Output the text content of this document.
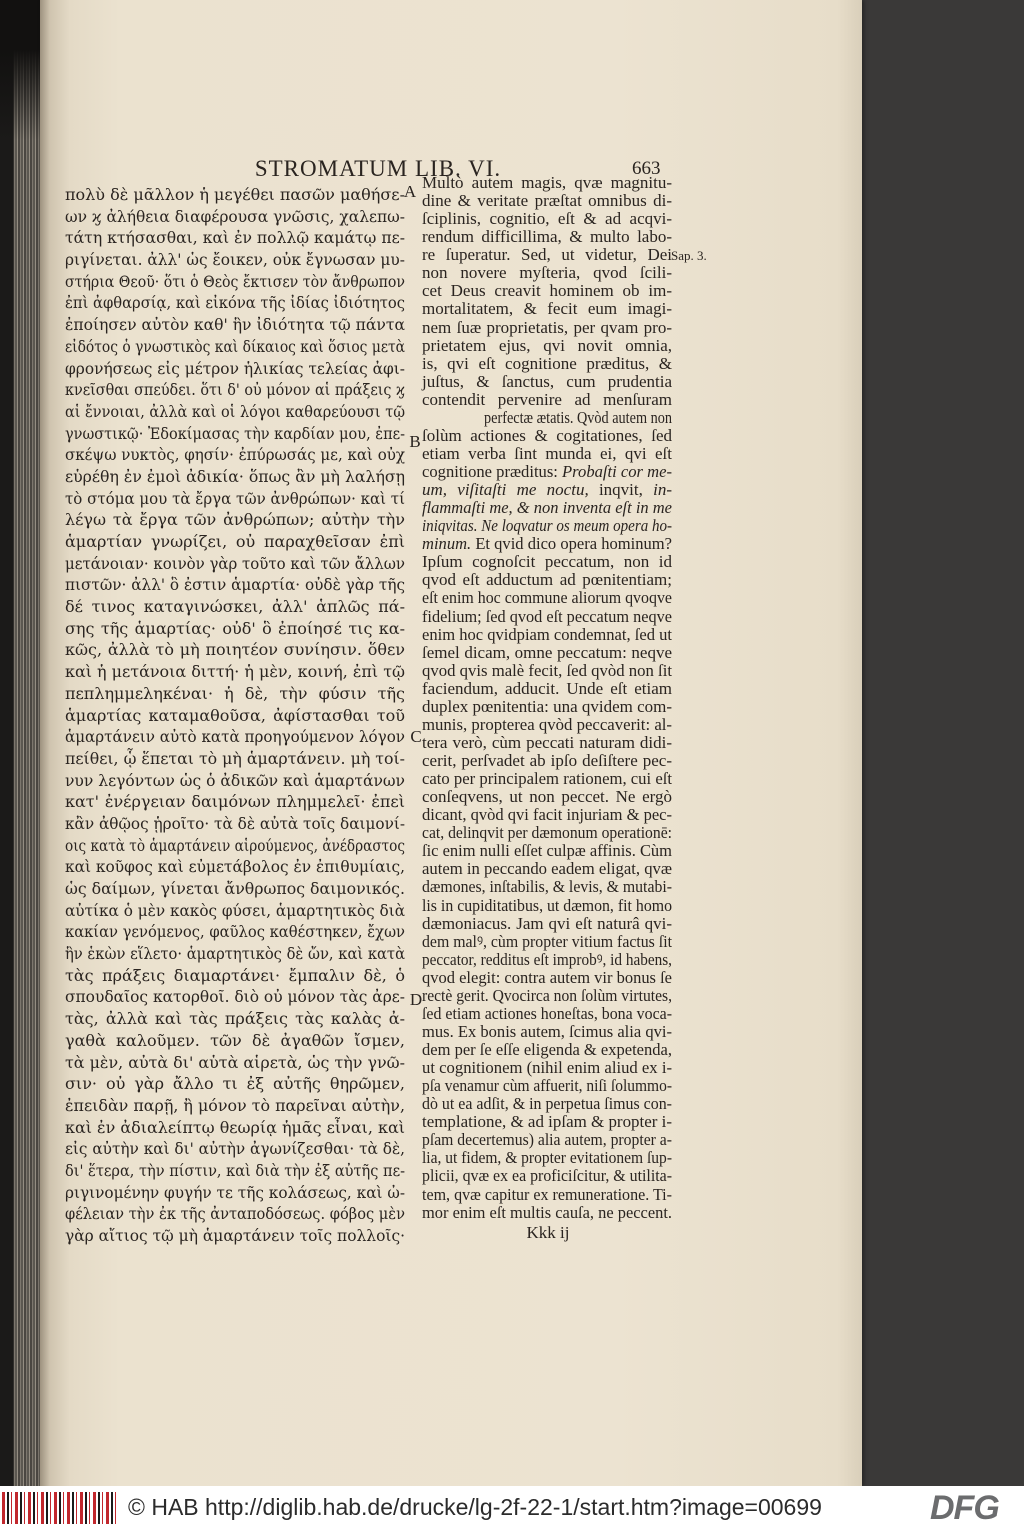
STROMATUM LIB. VI.	663
Sap. 3.
πολὺ δὲ μᾶλλον ἡ μεγέθει πασῶν μαθήσε-
ων ϗ ἀλήθεια διαφέρουσα γνῶσις, χαλεπω-
τάτη κτήσασθαι, καὶ ἐν πολλῷ καμάτῳ πε-
ριγίνεται. ἀλλ' ὡς ἔοικεν, οὐκ ἔγνωσαν μυ-
στήρια Θεοῦ· ὅτι ὁ Θεὸς ἔκτισεν τὸν ἄνθρωπον
ἐπὶ ἀφθαρσίᾳ, καὶ εἰκόνα τῆς ἰδίας ἰδιότητος
ἐποίησεν αὐτὸν καθ' ἣν ἰδιότητα τῷ πάντα
εἰδότος ὁ γνωστικὸς καὶ δίκαιος καὶ ὅσιος μετὰ
φρονήσεως εἰς μέτρον ἡλικίας τελείας ἀφι-
κνεῖσθαι σπεύδει. ὅτι δ' οὐ μόνον αἱ πράξεις ϗ
αἱ ἔννοιαι, ἀλλὰ καὶ οἱ λόγοι καθαρεύουσι τῷ
γνωστικῷ· Ἐδοκίμασας τὴν καρδίαν μου, ἐπε-
σκέψω νυκτὸς, φησίν· ἐπύρωσάς με, καὶ οὐχ
εὑρέθη ἐν ἐμοὶ ἀδικία· ὅπως ἂν μὴ λαλήσῃ
τὸ στόμα μου τὰ ἔργα τῶν ἀνθρώπων· καὶ τί
λέγω τὰ ἔργα τῶν ἀνθρώπων; αὐτὴν τὴν
ἁμαρτίαν γνωρίζει, οὐ παραχθεῖσαν ἐπὶ
μετάνοιαν· κοινὸν γὰρ τοῦτο καὶ τῶν ἄλλων
πιστῶν· ἀλλ' ὃ ἐστιν ἁμαρτία· οὐδὲ γὰρ τῆς
δέ τινος καταγινώσκει, ἀλλ' ἁπλῶς πά-
σης τῆς ἁμαρτίας· οὐδ' ὃ ἐποίησέ τις κα-
κῶς, ἀλλὰ τὸ μὴ ποιητέον συνίησιν. ὅθεν
καὶ ἡ μετάνοια διττή· ἡ μὲν, κοινή, ἐπὶ τῷ
πεπλημμεληκέναι· ἡ δὲ, τὴν φύσιν τῆς
ἁμαρτίας καταμαθοῦσα, ἀφίστασθαι τοῦ
ἁμαρτάνειν αὐτὸ κατὰ προηγούμενον λόγον
πείθει, ᾧ ἕπεται τὸ μὴ ἁμαρτάνειν. μὴ τοί-
νυν λεγόντων ὡς ὁ ἀδικῶν καὶ ἁμαρτάνων
κατ' ἐνέργειαν δαιμόνων πλημμελεῖ· ἐπεὶ
κἂν ἀθῷος ᾑροῖτο· τὰ δὲ αὐτὰ τοῖς δαιμονί-
οις κατὰ τὸ ἁμαρτάνειν αἱρούμενος, ἀνέδραστος
καὶ κοῦφος καὶ εὐμετάβολος ἐν ἐπιθυμίαις,
ὡς δαίμων, γίνεται ἄνθρωπος δαιμονικός.
αὐτίκα ὁ μὲν κακὸς φύσει, ἁμαρτητικὸς διὰ
κακίαν γενόμενος, φαῦλος καθέστηκεν, ἔχων
ἣν ἑκὼν εἵλετο· ἁμαρτητικὸς δὲ ὤν, καὶ κατὰ
τὰς πράξεις διαμαρτάνει· ἔμπαλιν δὲ, ὁ
σπουδαῖος κατορθοῖ. διὸ οὐ μόνον τὰς ἀρε-
τὰς, ἀλλὰ καὶ τὰς πράξεις τὰς καλὰς ἀ-
γαθὰ καλοῦμεν. τῶν δὲ ἀγαθῶν ἴσμεν,
τὰ μὲν, αὐτὰ δι' αὑτὰ αἱρετὰ, ὡς τὴν γνῶ-
σιν· οὐ γὰρ ἄλλο τι ἐξ αὐτῆς θηρῶμεν,
ἐπειδὰν παρῇ, ἢ μόνον τὸ παρεῖναι αὐτὴν,
καὶ ἐν ἀδιαλείπτῳ θεωρίᾳ ἡμᾶς εἶναι, καὶ
εἰς αὐτὴν καὶ δι' αὐτὴν ἀγωνίζεσθαι· τὰ δὲ,
δι' ἕτερα, τὴν πίστιν, καὶ διὰ τὴν ἐξ αὐτῆς πε-
ριγινομένην φυγήν τε τῆς κολάσεως, καὶ ὠ-
φέλειαν τὴν ἐκ τῆς ἀνταποδόσεως. φόβος μὲν
γὰρ αἴτιος τῷ μὴ ἁμαρτάνειν τοῖς πολλοῖς·
Multò autem magis, qvæ magnitu-
dine & veritate præſtat omnibus di-
ſciplinis, cognitio, eſt & ad acqvi-
rendum difficillima, & multo labo-
re ſuperatur. Sed, ut videtur, Dei
non novere myſteria, qvod ſcili-
cet Deus creavit hominem ob im-
mortalitatem, & fecit eum imagi-
nem ſuæ proprietatis, per qvam pro-
prietatem ejus, qvi novit omnia,
is, qvi eſt cognitione præditus, &
juſtus, & ſanctus, cum prudentia
contendit pervenire ad menſuram
perfectæ ætatis. Qvòd autem non
ſolùm actiones & cogitationes, ſed
etiam verba ſint munda ei, qvi eſt
cognitione præditus: Probaſti cor me-
um, viſitaſti me noctu, inqvit, in-
flammaſti me, & non inventa eſt in me
iniqvitas. Ne loqvatur os meum opera ho-
minum. Et qvid dico opera hominum?
Ipſum cognoſcit peccatum, non id
qvod eſt adductum ad pœnitentiam;
eſt enim hoc commune aliorum qvoqve
fidelium; ſed qvod eſt peccatum neqve
enim hoc qvidpiam condemnat, ſed ut
ſemel dicam, omne peccatum: neqve
qvod qvis malè fecit, ſed qvòd non ſit
faciendum, adducit. Unde eſt etiam
duplex pœnitentia: una qvidem com-
munis, propterea qvòd peccaverit: al-
tera verò, cùm peccati naturam didi-
cerit, perſvadet ab ipſo deſiſtere pec-
cato per principalem rationem, cui eſt
conſeqvens, ut non peccet. Ne ergò
dicant, qvòd qvi facit injuriam & pec-
cat, delinqvit per dæmonum operationē:
ſic enim nulli eſſet culpæ affinis. Cùm
autem in peccando eadem eligat, qvæ
dæmones, inſtabilis, & levis, & mutabi-
lis in cupiditatibus, ut dæmon, fit homo
dæmoniacus. Jam qvi eſt naturâ qvi-
dem malꝰ, cùm propter vitium factus ſit
peccator, redditus eſt improbꝰ, id habens,
qvod elegit: contra autem vir bonus ſe
rectè gerit. Qvocirca non ſolùm virtutes,
ſed etiam actiones honeſtas, bona voca-
mus. Ex bonis autem, ſcimus alia qvi-
dem per ſe eſſe eligenda & expetenda,
ut cognitionem (nihil enim aliud ex i-
pſa venamur cùm affuerit, niſi ſolummo-
dò ut ea adſit, & in perpetua ſimus con-
templatione, & ad ipſam & propter i-
pſam decertemus) alia autem, propter a-
lia, ut fidem, & propter evitationem ſup-
plicii, qvæ ex ea proficiſcitur, & utilita-
tem, qvæ capitur ex remuneratione. Ti-
mor enim eſt multis cauſa, ne peccent.
A
B
C
D
Kkk ij
© HAB http://diglib.hab.de/drucke/lg-2f-22-1/start.htm?image=00699	DFG
